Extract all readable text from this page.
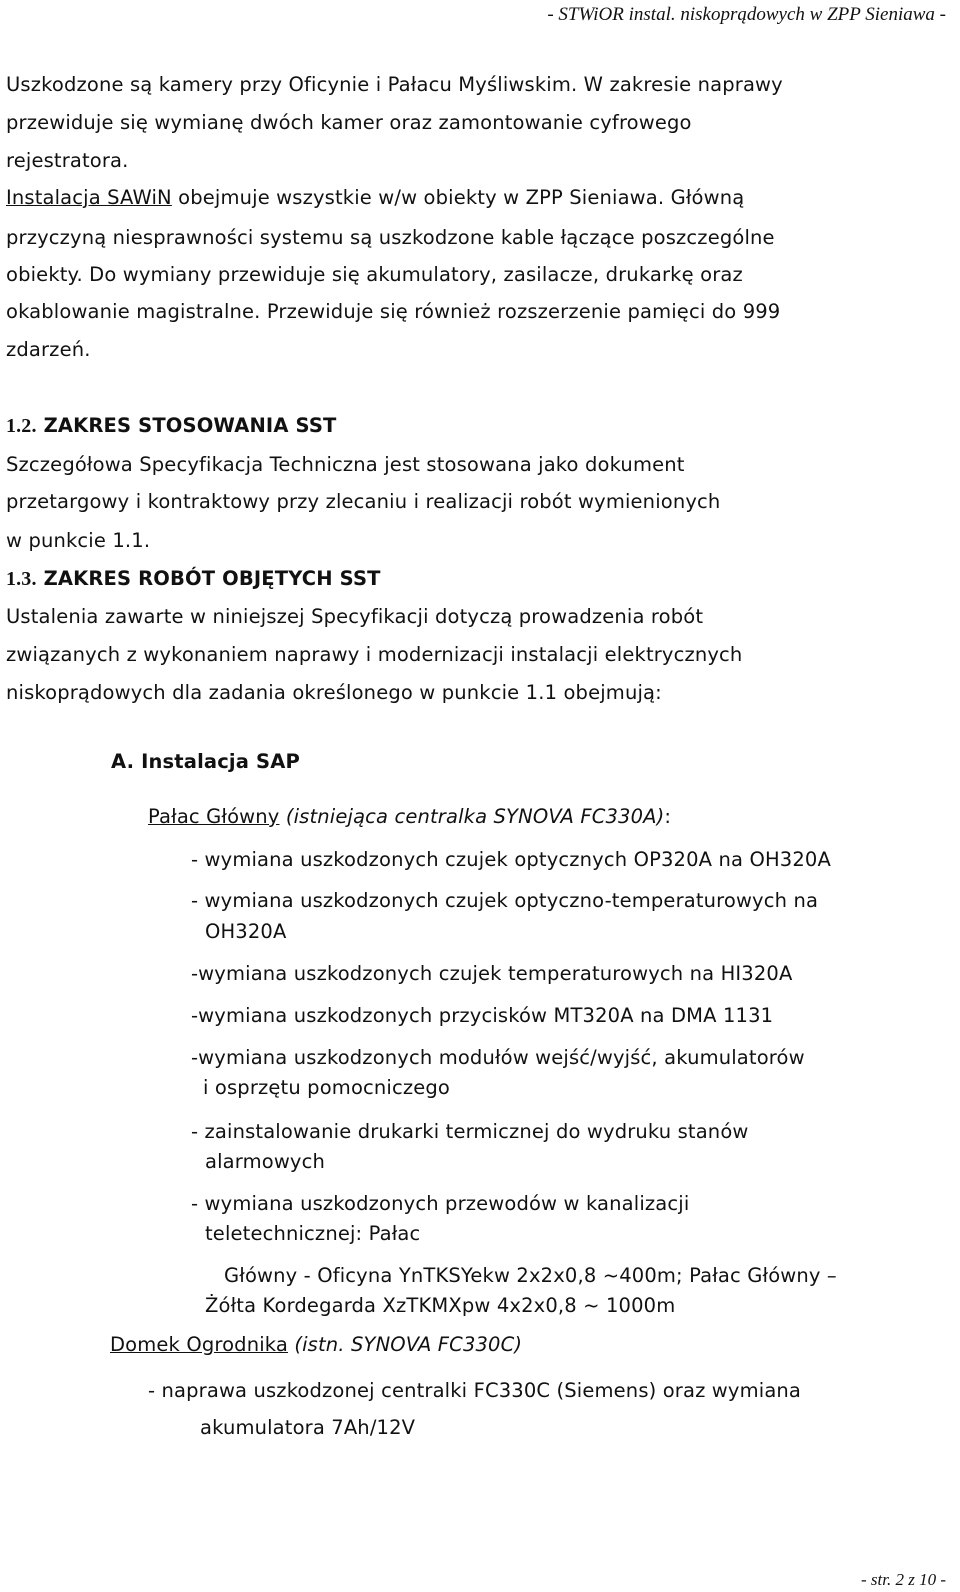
- STWiOR instal. niskoprądowych w ZPP Sieniawa -
Uszkodzone są kamery przy Oficynie i Pałacu Myśliwskim. W zakresie naprawy
przewiduje się wymianę dwóch kamer oraz zamontowanie cyfrowego
rejestratora.
Instalacja SAWiN obejmuje wszystkie w/w obiekty w ZPP Sieniawa. Główną
przyczyną niesprawności systemu są uszkodzone kable łączące poszczególne
obiekty. Do wymiany przewiduje się akumulatory, zasilacze, drukarkę oraz
okablowanie magistralne. Przewiduje się również rozszerzenie pamięci do 999
zdarzeń.
1.2. ZAKRES STOSOWANIA SST
Szczegółowa Specyfikacja Techniczna jest stosowana jako dokument
przetargowy i kontraktowy przy zlecaniu i realizacji robót wymienionych
w punkcie 1.1.
1.3. ZAKRES ROBÓT OBJĘTYCH SST
Ustalenia zawarte w niniejszej Specyfikacji dotyczą prowadzenia robót
związanych z wykonaniem naprawy i modernizacji instalacji elektrycznych
niskoprądowych dla zadania określonego w punkcie 1.1 obejmują:
A. Instalacja SAP
Pałac Główny (istniejąca centralka SYNOVA FC330A):
- wymiana uszkodzonych czujek optycznych OP320A na OH320A
- wymiana uszkodzonych czujek optyczno-temperaturowych na
OH320A
-wymiana uszkodzonych czujek temperaturowych na HI320A
-wymiana uszkodzonych przycisków MT320A na DMA 1131
-wymiana uszkodzonych modułów wejść/wyjść, akumulatorów
i osprzętu pomocniczego
- zainstalowanie drukarki termicznej do wydruku stanów
alarmowych
- wymiana uszkodzonych przewodów w kanalizacji
teletechnicznej: Pałac
Główny - Oficyna YnTKSYekw 2x2x0,8 ~400m; Pałac Główny –
Żółta Kordegarda XzTKMXpw 4x2x0,8 ~ 1000m
Domek Ogrodnika (istn. SYNOVA FC330C)
- naprawa uszkodzonej centralki FC330C (Siemens) oraz wymiana
akumulatora 7Ah/12V
- str. 2 z 10 -
